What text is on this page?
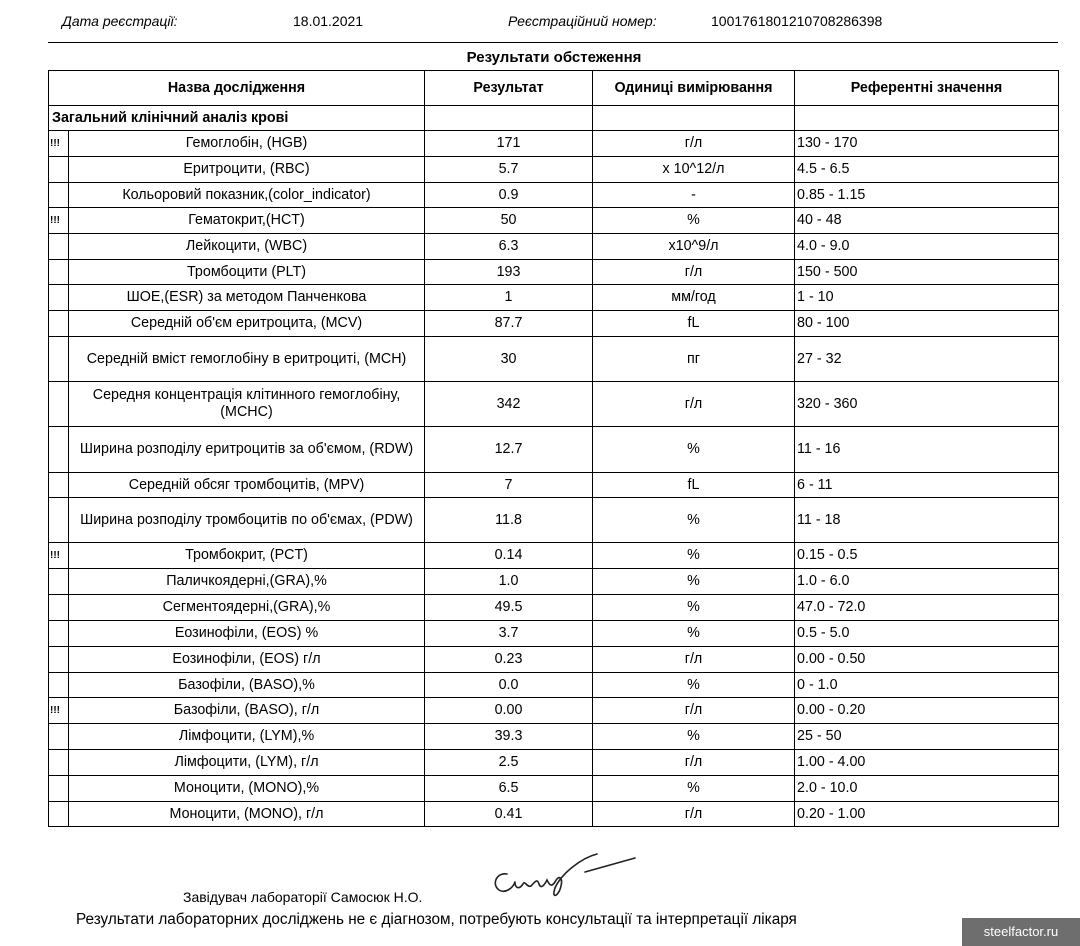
Дата реєстрації:	18.01.2021	Реєстраційний номер:	1001761801210708286398
Результати обстеження
Назва дослідження		Результат	Одиниці вимірювання	Референтні значення
Загальний клінічний аналіз крові				
!!!	Гемоглобін, (HGB)	171	г/л	130 - 170
	Еритроцити, (RBC)	5.7	x 10^12/л	4.5 - 6.5
	Кольоровий показник,(color_indicator)	0.9	-	0.85 - 1.15
!!!	Гематокрит,(HCT)	50	%	40 - 48
	Лейкоцити, (WBC)	6.3	x10^9/л	4.0 - 9.0
	Тромбоцити (PLT)	193	г/л	150 - 500
	ШОЕ,(ESR) за методом Панченкова	1	мм/год	1 - 10
	Середній об'єм еритроцита, (MCV)	87.7	fL	80 - 100
	Середній вміст гемоглобіну в еритроциті, (MCH)	30	пг	27 - 32
	Середня концентрація клітинного гемоглобіну, (MCHC)	342	г/л	320 - 360
	Ширина розподілу еритроцитів за об'ємом, (RDW)	12.7	%	11 - 16
	Середній обсяг тромбоцитів, (MPV)	7	fL	6 - 11
	Ширина розподілу тромбоцитів по об'ємах, (PDW)	11.8	%	11 - 18
!!!	Тромбокрит, (PCT)	0.14	%	0.15 - 0.5
	Паличкоядерні,(GRA),%	1.0	%	1.0 - 6.0
	Сегментоядерні,(GRA),%	49.5	%	47.0 - 72.0
	Еозинофіли, (EOS) %	3.7	%	0.5 - 5.0
	Еозинофіли, (EOS) г/л	0.23	г/л	0.00 - 0.50
	Базофіли, (BASO),%	0.0	%	0 - 1.0
!!!	Базофіли, (BASO), г/л	0.00	г/л	0.00 - 0.20
	Лімфоцити, (LYM),%	39.3	%	25 - 50
	Лімфоцити, (LYM), г/л	2.5	г/л	1.00 - 4.00
	Моноцити, (MONO),%	6.5	%	2.0 - 10.0
	Моноцити, (MONO), г/л	0.41	г/л	0.20 - 1.00
Завідувач лабораторії Самосюк Н.О.
Результати лабораторних досліджень не є діагнозом, потребують консультації та інтерпретації лікаря
steelfactor.ru
